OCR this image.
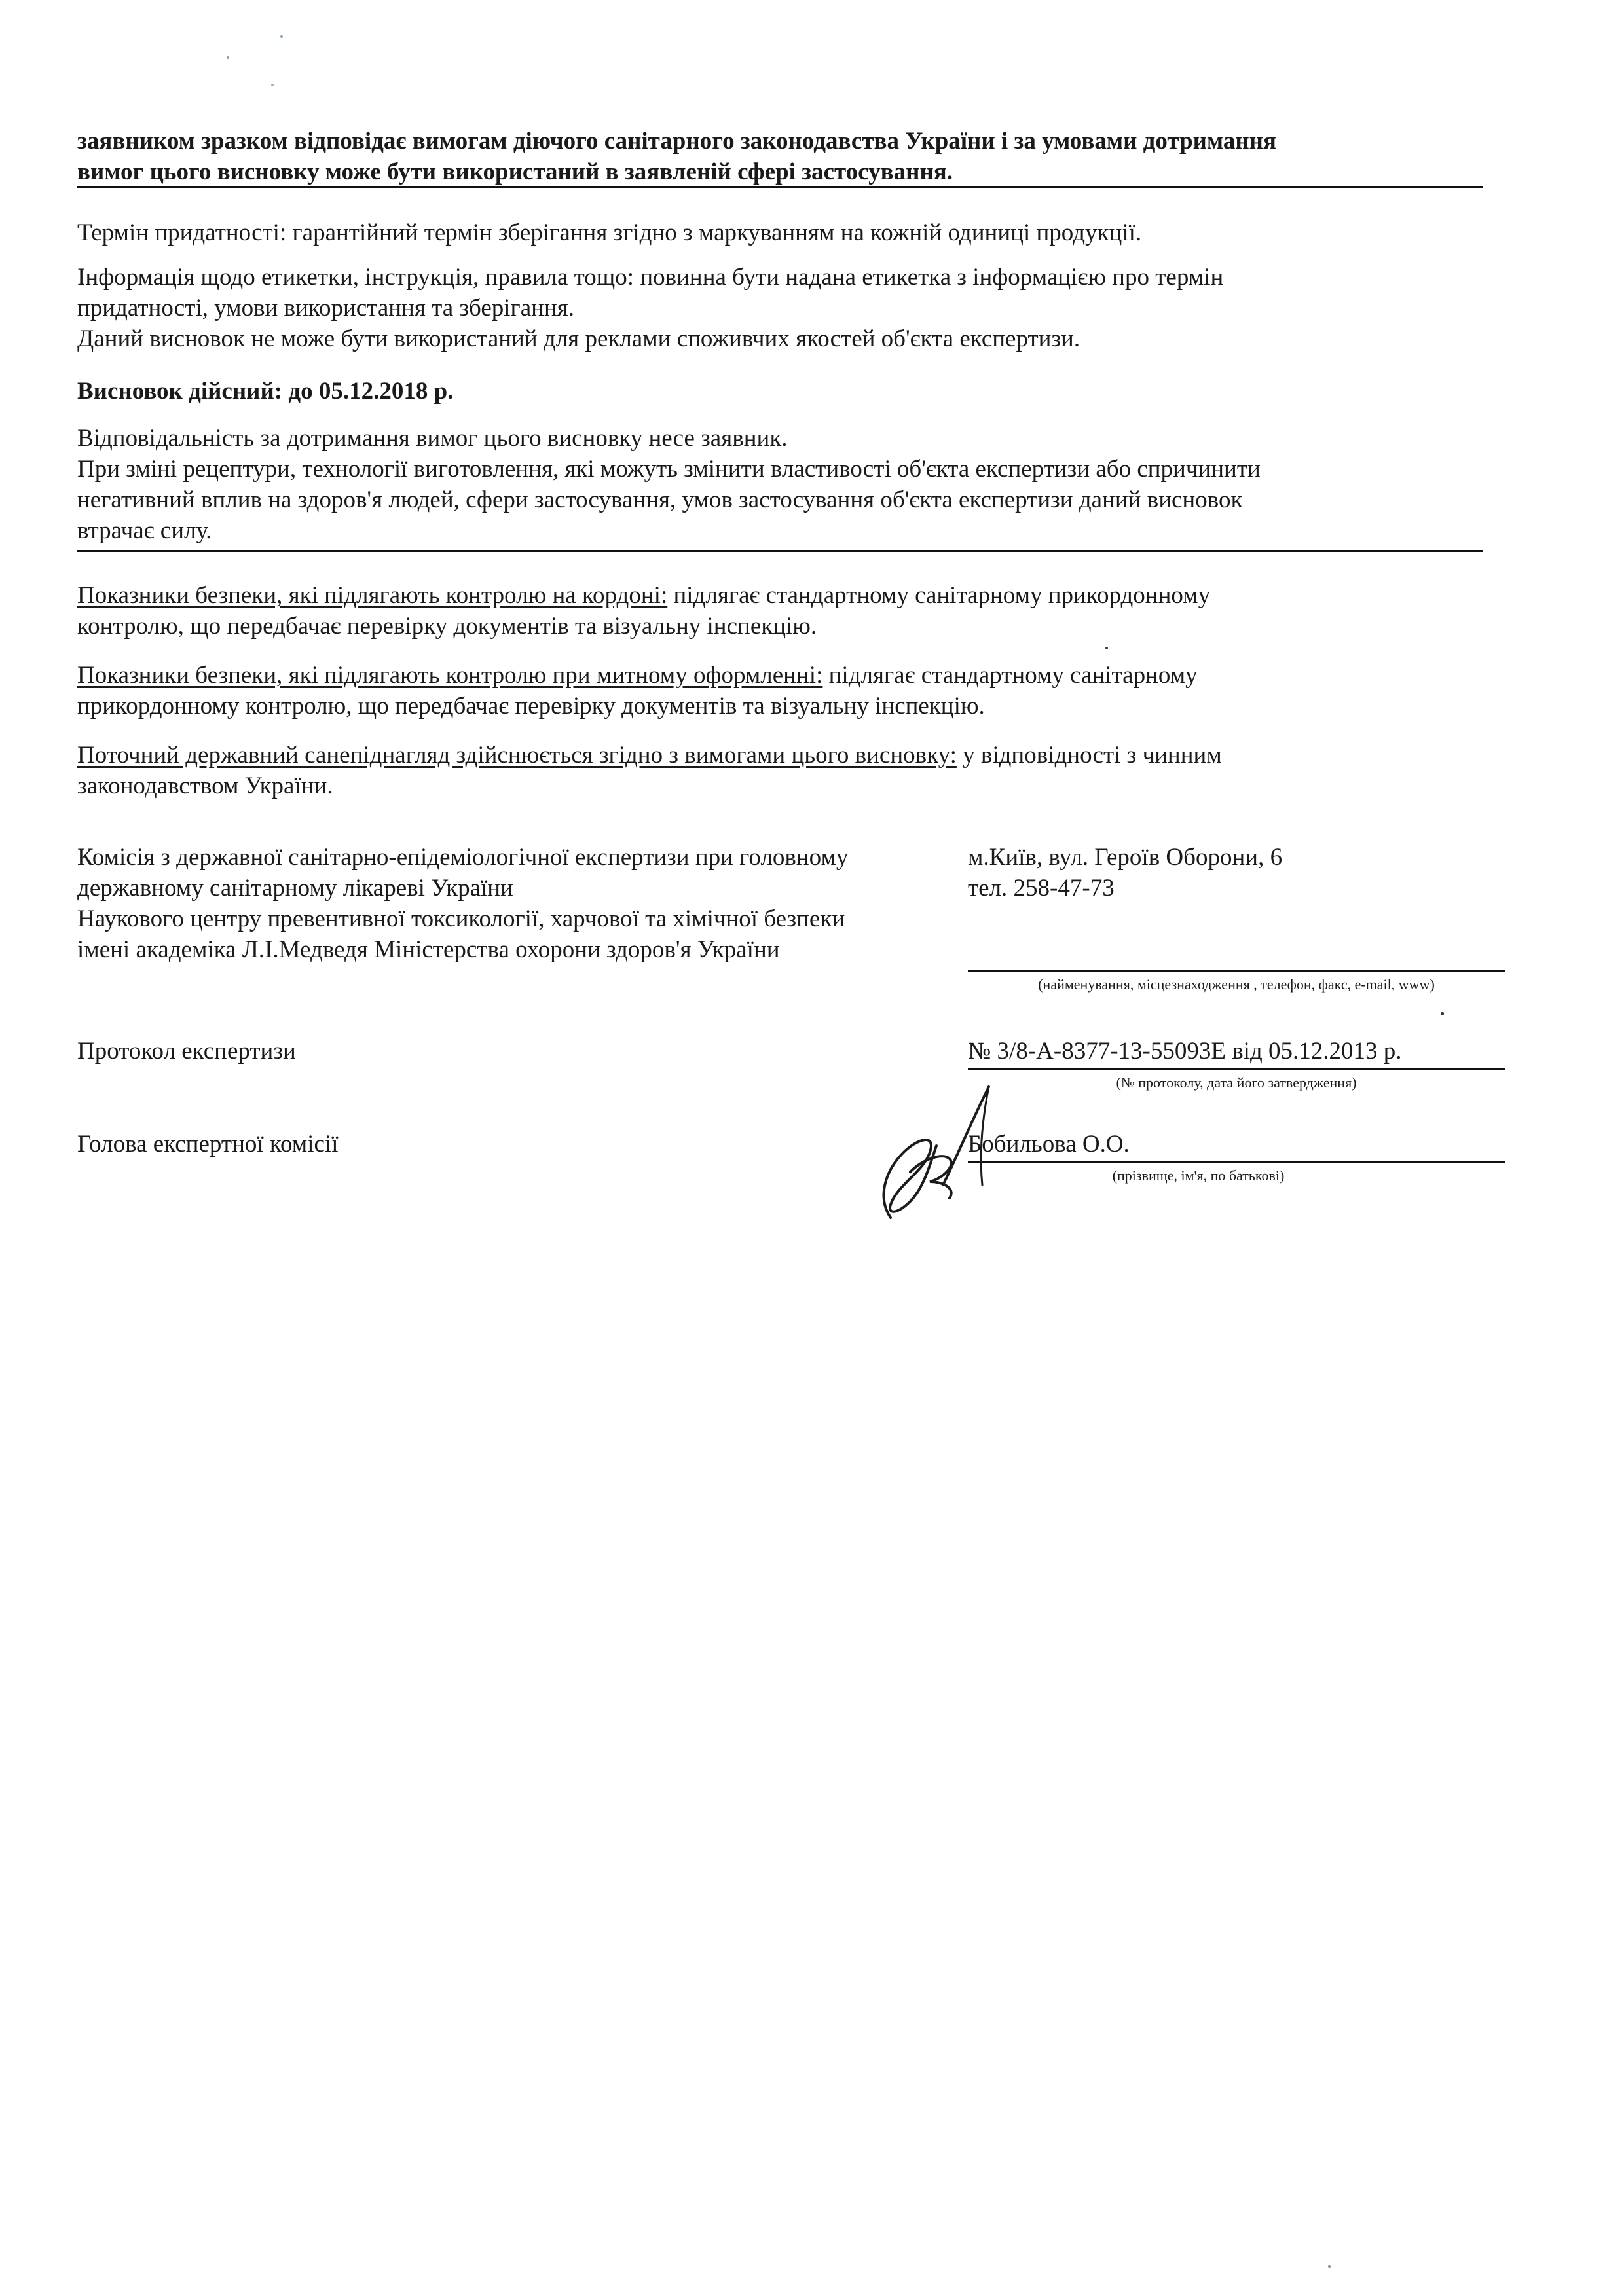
заявником зразком відповідає вимогам діючого санітарного законодавства України і за умовами дотримання
вимог цього висновку може бути використаний в заявленій сфері застосування.
Термін придатності: гарантійний термін зберігання згідно з маркуванням на кожній одиниці продукції.
Інформація щодо етикетки, інструкція, правила тощо: повинна бути надана етикетка з інформацією про термін
придатності, умови використання та зберігання.
Даний висновок не може бути використаний для реклами споживчих якостей об'єкта експертизи.
Висновок дійсний: до 05.12.2018 р.
Відповідальність за дотримання вимог цього висновку несе заявник.
При зміні рецептури, технології виготовлення, які можуть змінити властивості об'єкта експертизи або спричинити
негативний вплив на здоров'я людей, сфери застосування, умов застосування об'єкта експертизи даний висновок
втрачає силу.
Показники безпеки, які підлягають контролю на кордоні: підлягає стандартному санітарному прикордонному
контролю, що передбачає перевірку документів та візуальну інспекцію.
Показники безпеки, які підлягають контролю при митному оформленні: підлягає стандартному санітарному
прикордонному контролю, що передбачає перевірку документів та візуальну інспекцію.
Поточний державний санепіднагляд здійснюється згідно з вимогами цього висновку: у відповідності з чинним
законодавством України.
Комісія з державної санітарно-епідеміологічної експертизи при головному
державному санітарному лікареві України
Наукового центру превентивної токсикології, харчової та хімічної безпеки
імені академіка Л.І.Медведя Міністерства охорони здоров'я України
м.Київ, вул. Героїв Оборони, 6
тел. 258-47-73
(найменування, місцезнаходження , телефон, факс, e-mail, www)
Протокол експертизи	№ 3/8-А-8377-13-55093Е від 05.12.2013 р.
(№ протоколу, дата його затвердження)
Голова експертної комісії	Бобильова О.О.
(прізвище, ім'я, по батькові)
